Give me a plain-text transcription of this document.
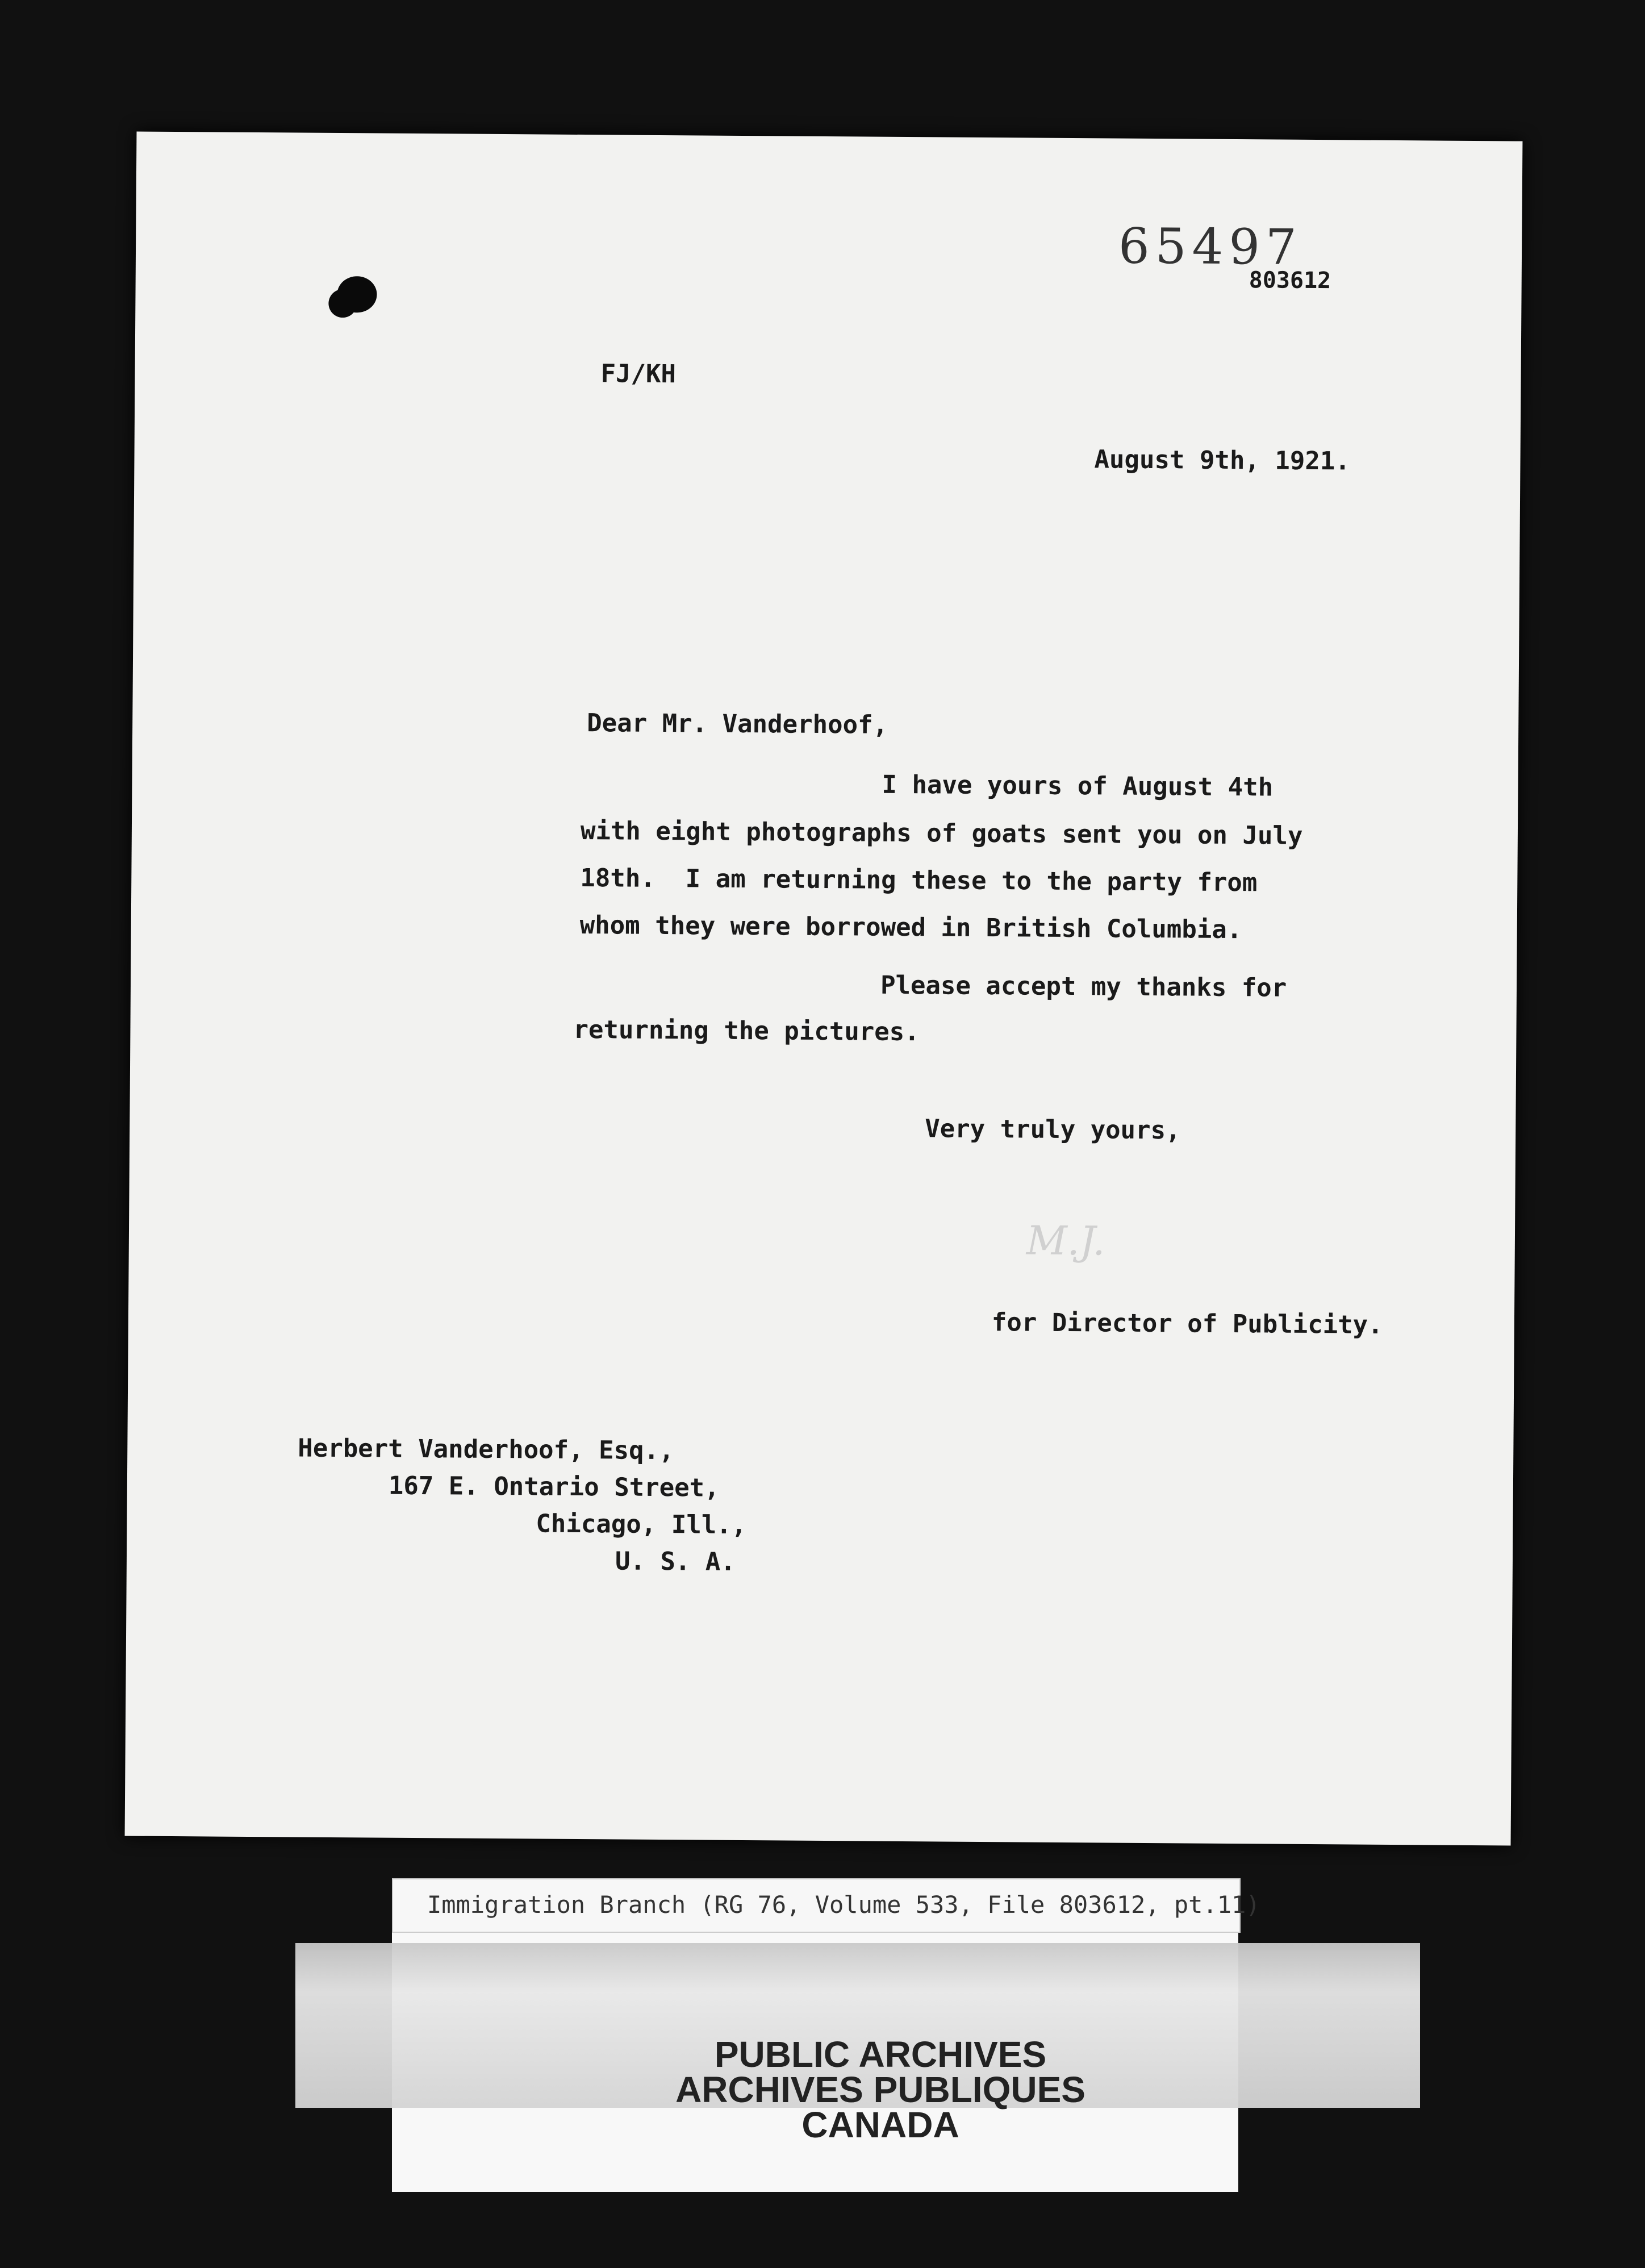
65497
803612
FJ/KH
August 9th, 1921.
Dear Mr. Vanderhoof,
I have yours of August 4th
with eight photographs of goats sent you on July
18th.  I am returning these to the party from
whom they were borrowed in British Columbia.
Please accept my thanks for
returning the pictures.
Very truly yours,
M.J.
for Director of Publicity.
Herbert Vanderhoof, Esq.,
167 E. Ontario Street,
Chicago, Ill.,
U. S. A.
Immigration Branch (RG 76, Volume 533, File 803612, pt.11)
PUBLIC ARCHIVES
ARCHIVES PUBLIQUES
CANADA
